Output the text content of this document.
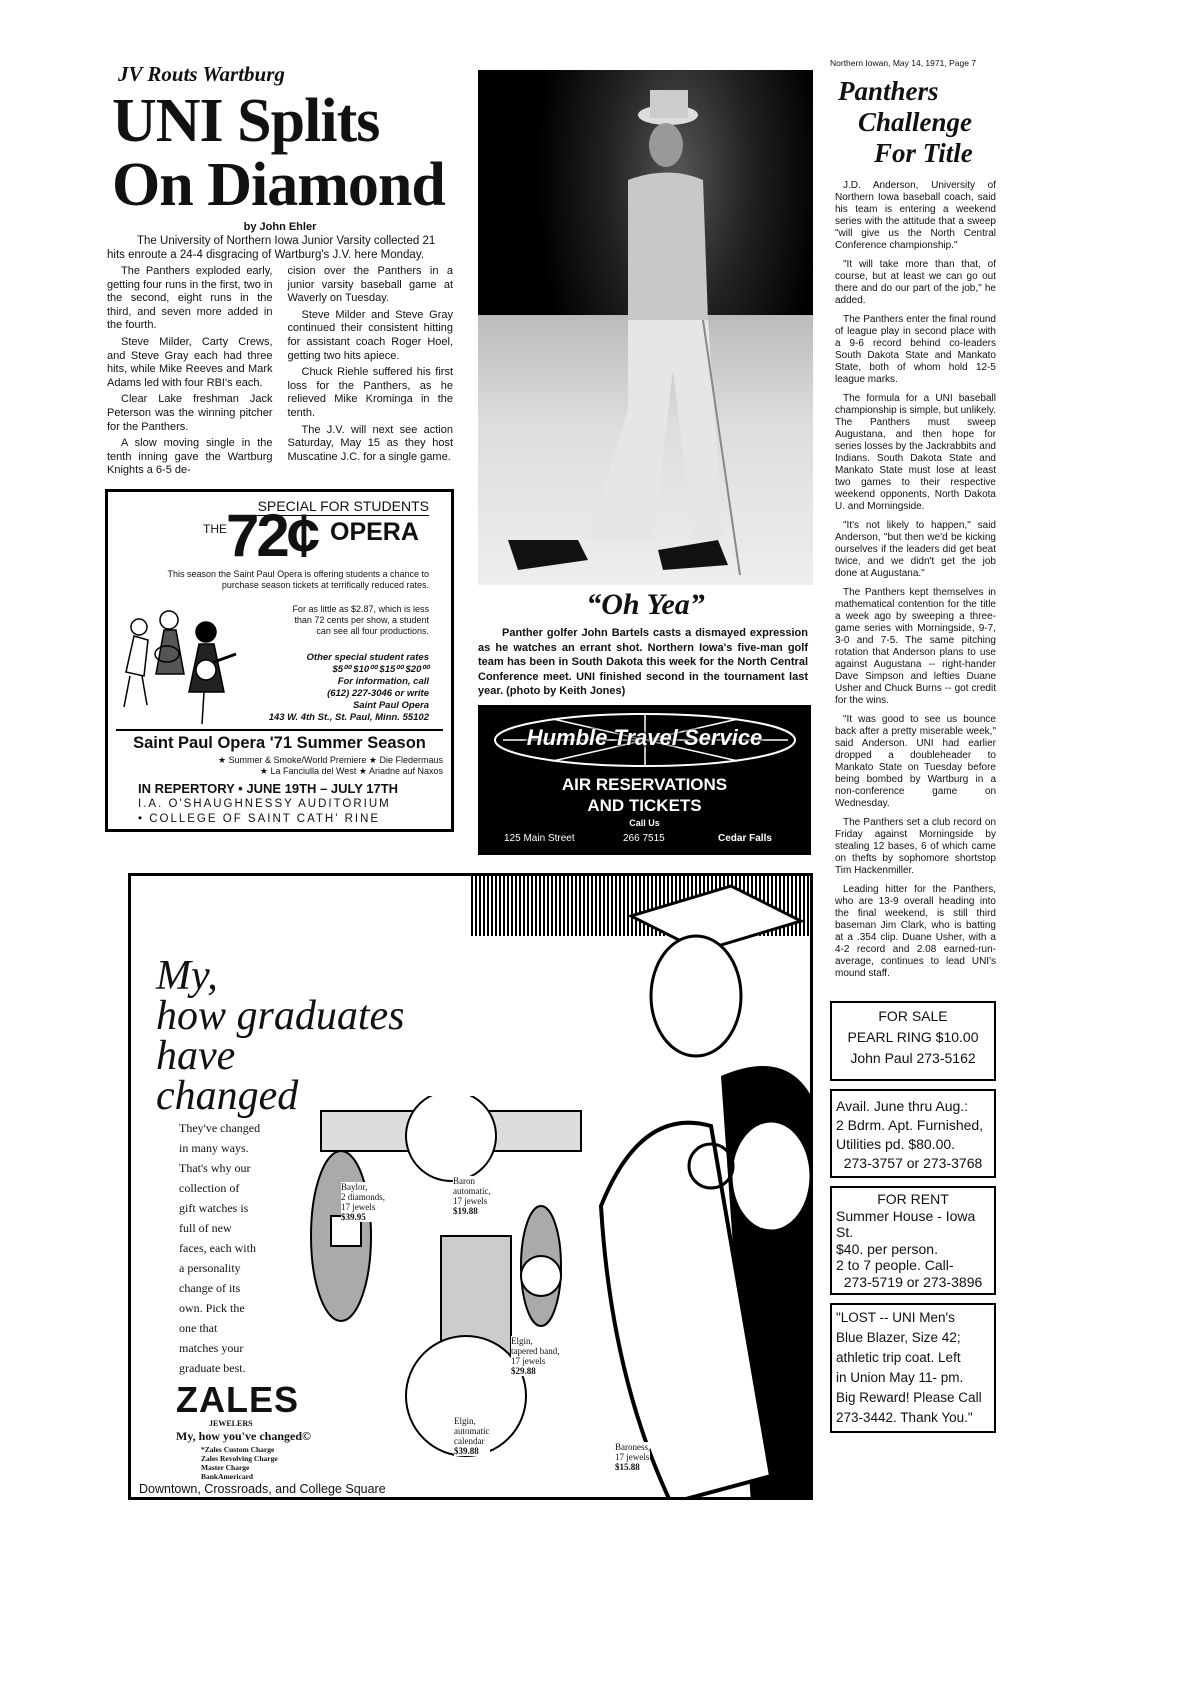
Northern Iowan, May 14, 1971, Page 7
JV Routs Wartburg
UNI Splits
On Diamond
by John Ehler
The University of Northern Iowa Junior Varsity collected 21 hits enroute a 24-4 disgracing of Wartburg's J.V. here Monday.

The Panthers exploded early, getting four runs in the first, two in the second, eight runs in the third, and seven more added in the fourth.

Steve Milder, Carty Crews, and Steve Gray each had three hits, while Mike Reeves and Mark Adams led with four RBI's each.

Clear Lake freshman Jack Peterson was the winning pitcher for the Panthers.

A slow moving single in the tenth inning gave the Wartburg Knights a 6-5 de-

cision over the Panthers in a junior varsity baseball game at Waverly on Tuesday.

Steve Milder and Steve Gray continued their consistent hitting for assistant coach Roger Hoel, getting two hits apiece.

Chuck Riehle suffered his first loss for the Panthers, as he relieved Mike Krominga in the tenth.

The J.V. will next see action Saturday, May 15 as they host Muscatine J.C. for a single game.

SPECIAL FOR STUDENTS
THE 72¢ OPERA
This season the Saint Paul Opera is offering students a chance to purchase season tickets at terrifically reduced rates.
For as little as $2.87, which is less than 72 cents per show, a student can see all four productions.
Other special student rates
$5⁰⁰ $10⁰⁰ $15⁰⁰ $20⁰⁰
For information, call
(612) 227-3046 or write
Saint Paul Opera
143 W. 4th St., St. Paul, Minn. 55102
Saint Paul Opera '71 Summer Season
★ Summer & Smoke/World Premiere ★ Die Fledermaus
★ La Fanciulla del West ★ Ariadne auf Naxos
IN REPERTORY • JUNE 19TH – JULY 17TH
I.A. O'SHAUGHNESSY AUDITORIUM
• COLLEGE OF SAINT CATH' RINE
“Oh Yea”
Panther golfer John Bartels casts a dismayed expression as he watches an errant shot. Northern Iowa's five-man golf team has been in South Dakota this week for the North Central Conference meet. UNI finished second in the tournament last year. (photo by Keith Jones)
Humble Travel Service
AIR RESERVATIONS
AND TICKETS
Call Us
125 Main Street	266 7515	Cedar Falls
Panthers
Challenge
For Title

J.D. Anderson, University of Northern Iowa baseball coach, said his team is entering a weekend series with the attitude that a sweep "will give us the North Central Conference championship."

"It will take more than that, of course, but at least we can go out there and do our part of the job," he added.

The Panthers enter the final round of league play in second place with a 9-6 record behind co-leaders South Dakota State and Mankato State, both of whom hold 12-5 league marks.

The formula for a UNI baseball championship is simple, but unlikely. The Panthers must sweep Augustana, and then hope for series losses by the Jackrabbits and Indians. South Dakota State and Mankato State must lose at least two games to their respective weekend opponents, North Dakota U. and Morningside.

"It's not likely to happen," said Anderson, "but then we'd be kicking ourselves if the leaders did get beat twice, and we didn't get the job done at Augustana."

The Panthers kept themselves in mathematical contention for the title a week ago by sweeping a three-game series with Morningside, 9-7, 3-0 and 7-5. The same pitching rotation that Anderson plans to use against Augustana -- right-hander Dave Simpson and lefties Duane Usher and Chuck Burns -- got credit for the wins.

"It was good to see us bounce back after a pretty miserable week," said Anderson. UNI had earlier dropped a doubleheader to Mankato State on Tuesday before being bombed by Wartburg in a non-conference game on Wednesday.

The Panthers set a club record on Friday against Morningside by stealing 12 bases, 6 of which came on thefts by sophomore shortstop Tim Hackenmiller.

Leading hitter for the Panthers, who are 13-9 overall heading into the final weekend, is still third baseman Jim Clark, who is batting at a .354 clip. Duane Usher, with a 4-2 record and 2.08 earned-run-average, continues to lead UNI's mound staff.

FOR SALE
PEARL RING $10.00
John Paul 273-5162
Avail. June thru Aug.:
2 Bdrm. Apt. Furnished,
Utilities pd. $80.00.
273-3757 or 273-3768
FOR RENT
Summer House - Iowa St.
$40. per person.
2 to 7 people. Call-
273-5719 or 273-3896
"LOST -- UNI Men's
Blue Blazer, Size 42;
athletic trip coat. Left
in Union May 11- pm.
Big Reward! Please Call
273-3442. Thank You."
My,
how graduates
have
changed
They've changed
in many ways.
That's why our
collection of
gift watches is
full of new
faces, each with
a personality
change of its
own. Pick the
one that
matches your
graduate best.
Baylor,
2 diamonds,
17 jewels
$39.95
Baron
automatic,
17 jewels
$19.88
Elgin,
tapered band,
17 jewels
$29.88
Elgin,
automatic
calendar
$39.88	Baroness,
17 jewels
$15.88
ZALES
JEWELERS
My, how you've changed©
*Zales Custom Charge
Zales Revolving Charge
Master Charge
BankAmericard
Downtown, Crossroads, and College Square
